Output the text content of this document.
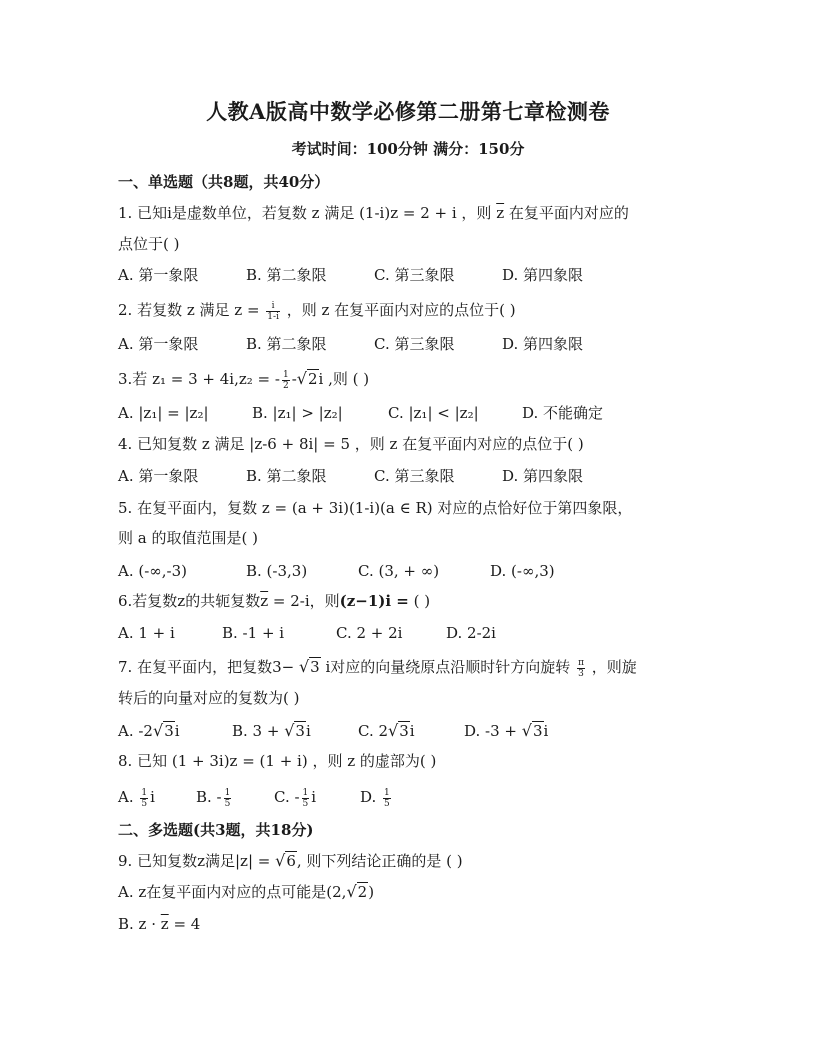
人教A版高中数学必修第二册第七章检测卷
考试时间：100分钟 满分：150分
一、单选题（共8题，共40分）
1. 已知i是虚数单位，若复数 z 满足 (1-i)z = 2 + i ，则 $\overline{z}$ 在复平面内对应的
点位于( )
A. 第一象限	B. 第二象限	C. 第三象限	D. 第四象限
2. 若复数 z 满足 $z = \frac{i}{1-i}$ ，则 z 在复平面内对应的点位于( )
A. 第一象限	B. 第二象限	C. 第三象限	D. 第四象限
3.若 z₁ = 3 + 4i,z₂ = - $\frac{1}{2} -√2i$ ,则 ( )
A. |z₁| = |z₂|	B. |z₁| > |z₂|	C. |z₁| < |z₂|	D. 不能确定
4. 已知复数 z 满足 |z-6 + 8i| = 5 ，则 z 在复平面内对应的点位于( )
A. 第一象限	B. 第二象限	C. 第三象限	D. 第四象限
5. 在复平面内，复数 z = (a + 3i)(1-i)(a ∈ R) 对应的点恰好位于第四象限，
则 a 的取值范围是( )
A. (-∞,-3)	B. (-3,3)	C. (3, + ∞)	D. (-∞,3)
6.若复数z的共轭复数$\overline{z} = 2-i$，则(z−1)i = ( )
A. 1 + i	B. -1 + i	C. 2 + 2i	D. 2-2i
7. 在复平面内，把复数3− √3 i对应的向量绕原点沿顺时针方向旋转 $\frac{\pi}{3}$ ，则旋
转后的向量对应的复数为( )
A. -2√3i	B. 3 + √3i	C. 2√3i	D. -3 + √3i
8. 已知 (1 + 3i)z = (1 + i) ，则 z 的虚部为( )
A. $\frac{1}{5}$ i	B. - $\frac{1}{5}$	C. - $\frac{1}{5}$ i	D. $\frac{1}{5}$
二、多选题(共3题，共18分)
9. 已知复数z满足|z| = √6, 则下列结论正确的是 ( )
A. z在复平面内对应的点可能是(2,√2)
B. $z \cdot \overline{z} = 4$
